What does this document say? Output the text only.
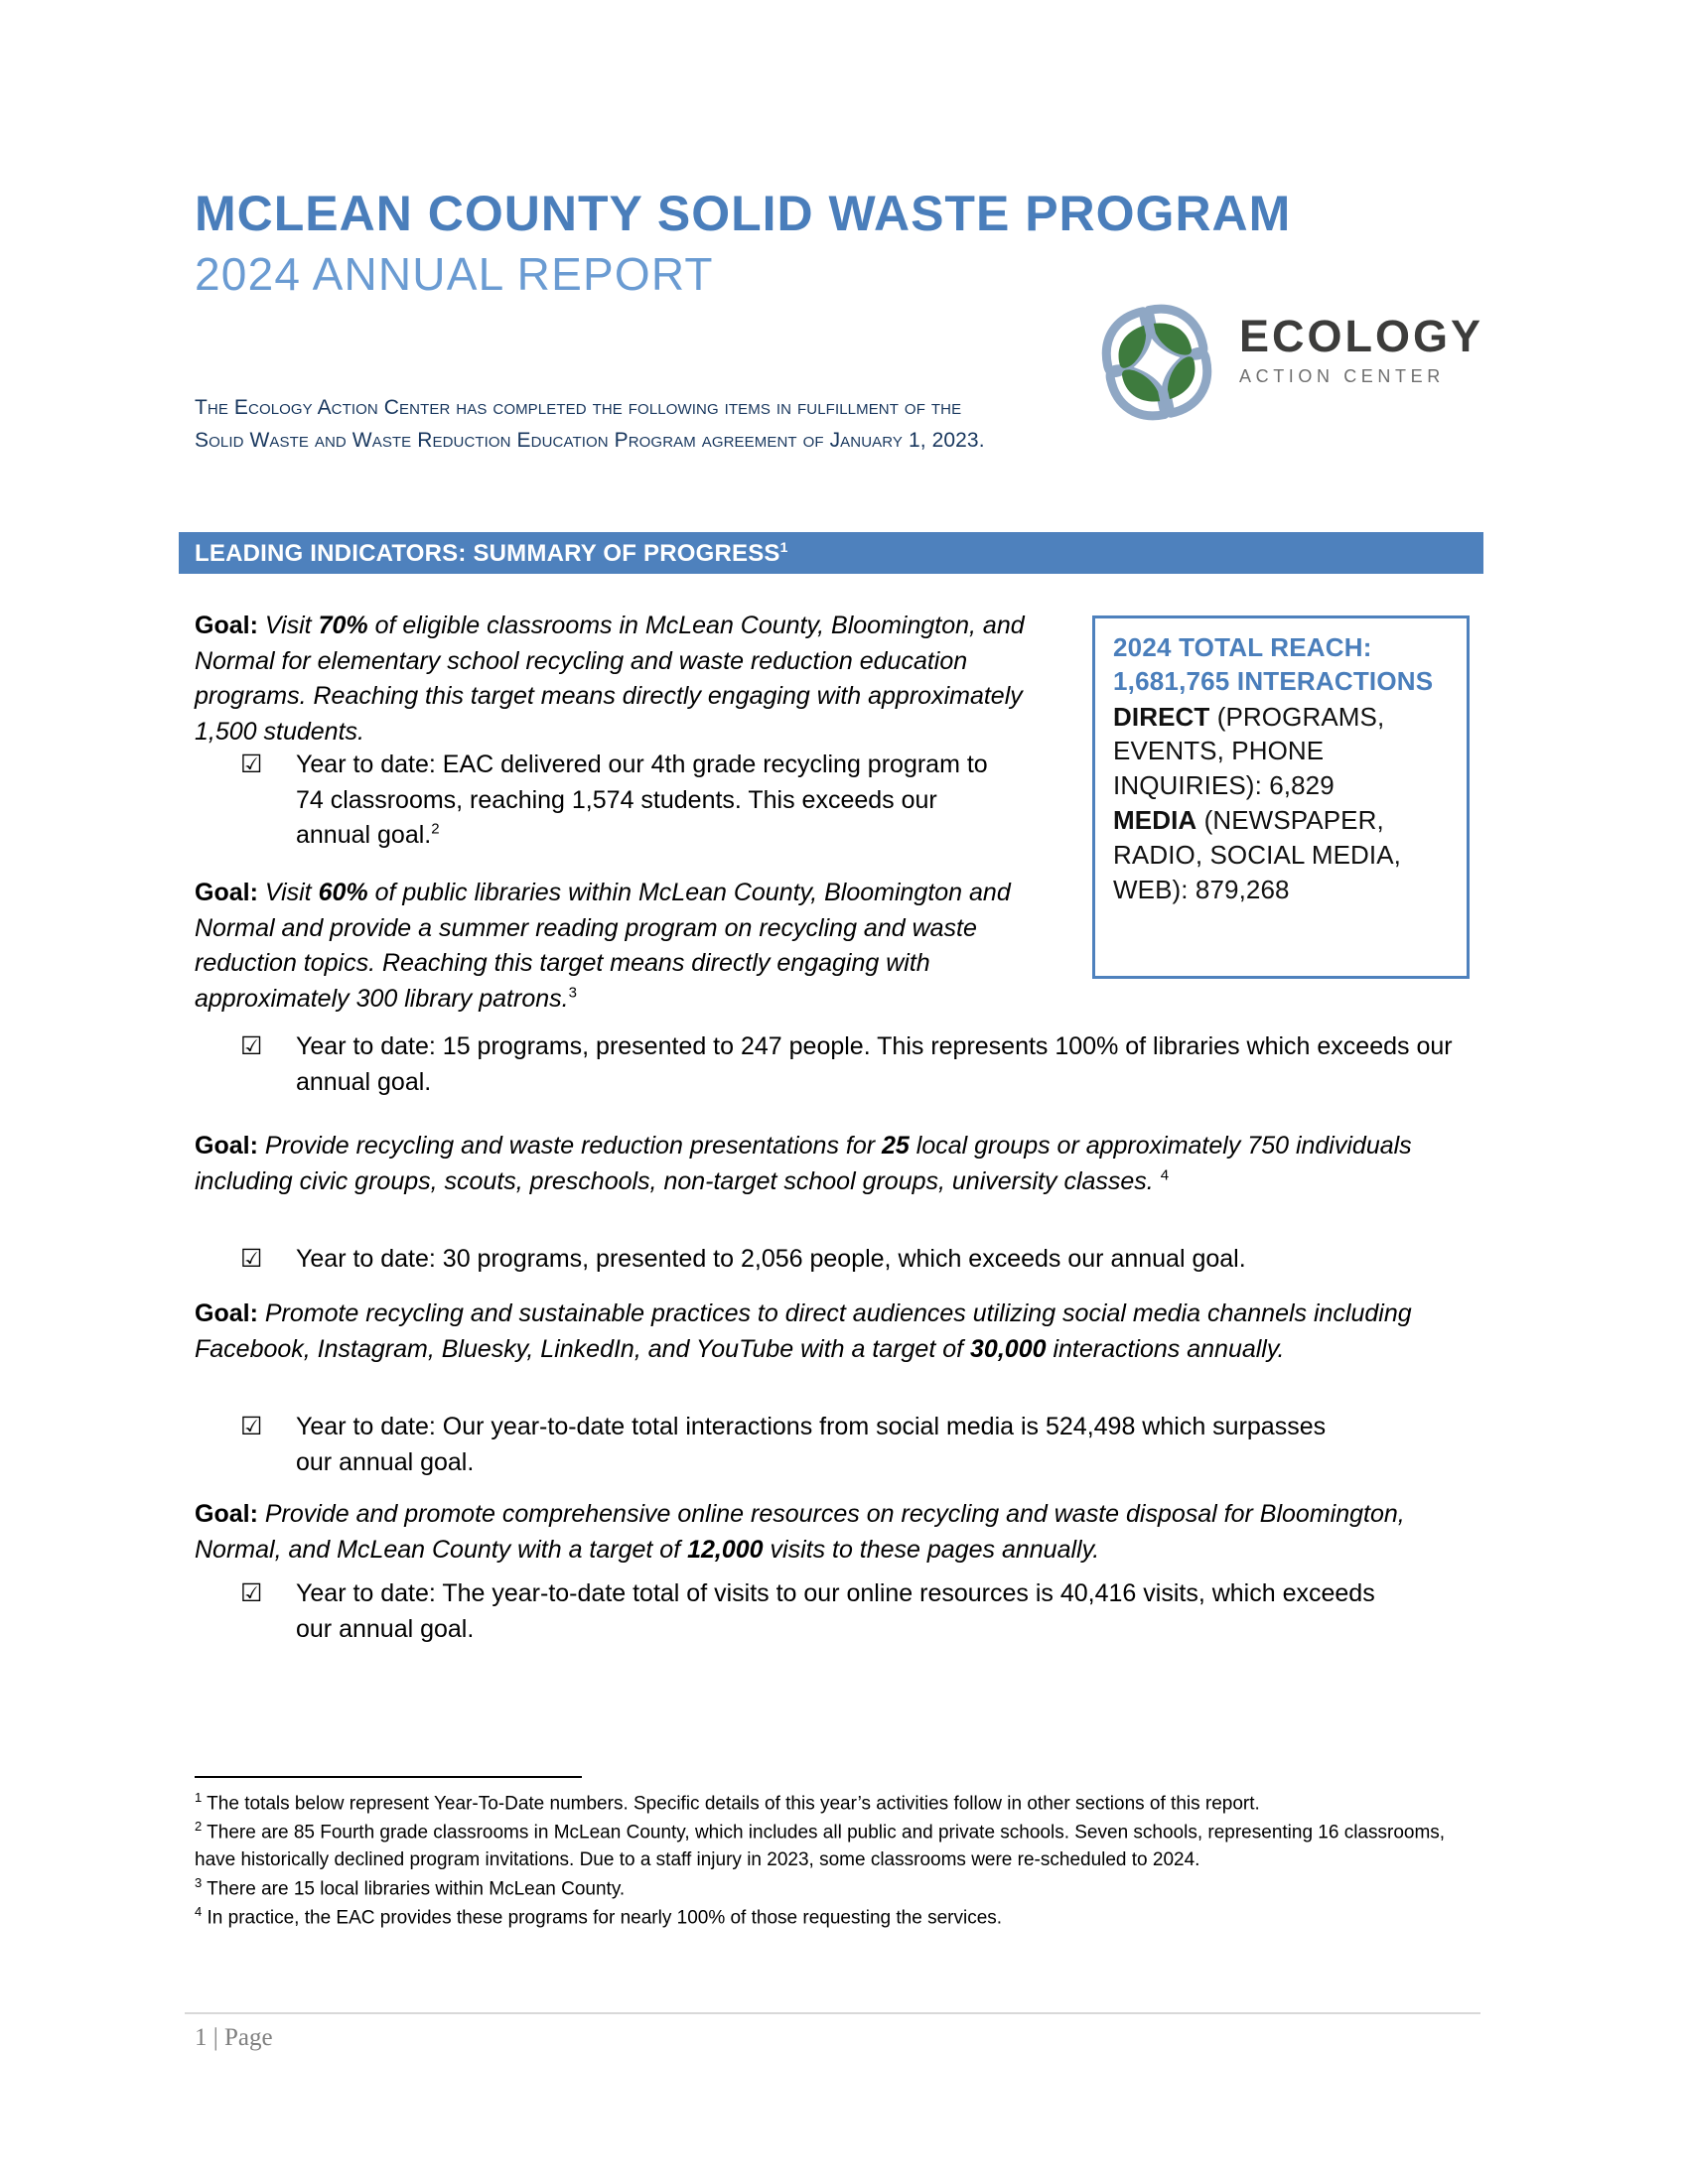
MCLEAN COUNTY SOLID WASTE PROGRAM
2024 ANNUAL REPORT
The Ecology Action Center has completed the following items in fulfillment of the Solid Waste and Waste Reduction Education Program agreement of January 1, 2023.
ECOLOGY
ACTION CENTER
LEADING INDICATORS: SUMMARY OF PROGRESS$^1$
2024 TOTAL REACH: 1,681,765 INTERACTIONS
DIRECT (PROGRAMS, EVENTS, PHONE INQUIRIES): 6,829
MEDIA (NEWSPAPER, RADIO, SOCIAL MEDIA, WEB): 879,268
Goal: Visit 70% of eligible classrooms in McLean County, Bloomington, and Normal for elementary school recycling and waste reduction education programs. Reaching this target means directly engaging with approximately 1,500 students.
☑ Year to date: EAC delivered our 4th grade recycling program to 74 classrooms, reaching 1,574 students. This exceeds our annual goal.$^2$
Goal: Visit 60% of public libraries within McLean County, Bloomington and Normal and provide a summer reading program on recycling and waste reduction topics. Reaching this target means directly engaging with approximately 300 library patrons.$^3$
☑ Year to date: 15 programs, presented to 247 people. This represents 100% of libraries which exceeds our annual goal.
Goal: Provide recycling and waste reduction presentations for 25 local groups or approximately 750 individuals including civic groups, scouts, preschools, non-target school groups, university classes. $^4$
☑ Year to date: 30 programs, presented to 2,056 people, which exceeds our annual goal.
Goal: Promote recycling and sustainable practices to direct audiences utilizing social media channels including Facebook, Instagram, Bluesky, LinkedIn, and YouTube with a target of 30,000 interactions annually.
☑ Year to date: Our year-to-date total interactions from social media is 524,498 which surpasses our annual goal.
Goal: Provide and promote comprehensive online resources on recycling and waste disposal for Bloomington, Normal, and McLean County with a target of 12,000 visits to these pages annually.
☑ Year to date: The year-to-date total of visits to our online resources is 40,416 visits, which exceeds our annual goal.

$^1$ The totals below represent Year-To-Date numbers. Specific details of this year’s activities follow in other sections of this report.

$^2$ There are 85 Fourth grade classrooms in McLean County, which includes all public and private schools. Seven schools, representing 16 classrooms, have historically declined program invitations. Due to a staff injury in 2023, some classrooms were re-scheduled to 2024.

$^3$ There are 15 local libraries within McLean County.

$^4$ In practice, the EAC provides these programs for nearly 100% of those requesting the services.

1 | Page
